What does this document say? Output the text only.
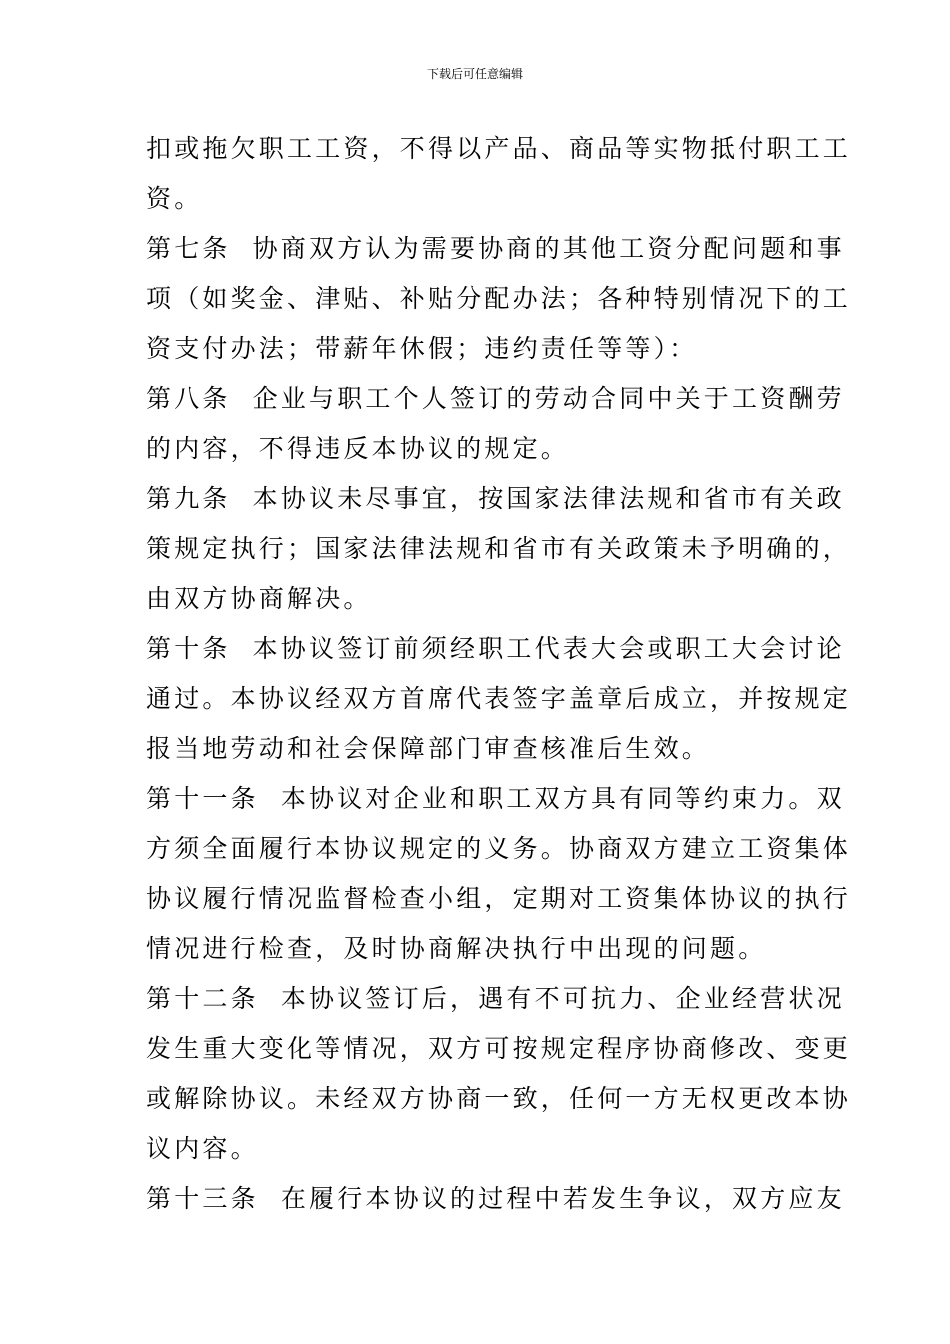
下载后可任意编辑
扣或拖欠职工工资，不得以产品、商品等实物抵付职工工
资。
第七条 协商双方认为需要协商的其他工资分配问题和事
项（如奖金、津贴、补贴分配办法；各种特别情况下的工
资支付办法；带薪年休假；违约责任等等）：
第八条 企业与职工个人签订的劳动合同中关于工资酬劳
的内容，不得违反本协议的规定。
第九条 本协议未尽事宜，按国家法律法规和省市有关政
策规定执行；国家法律法规和省市有关政策未予明确的，
由双方协商解决。
第十条 本协议签订前须经职工代表大会或职工大会讨论
通过。本协议经双方首席代表签字盖章后成立，并按规定
报当地劳动和社会保障部门审查核准后生效。
第十一条 本协议对企业和职工双方具有同等约束力。双
方须全面履行本协议规定的义务。协商双方建立工资集体
协议履行情况监督检查小组，定期对工资集体协议的执行
情况进行检查，及时协商解决执行中出现的问题。
第十二条 本协议签订后，遇有不可抗力、企业经营状况
发生重大变化等情况，双方可按规定程序协商修改、变更
或解除协议。未经双方协商一致，任何一方无权更改本协
议内容。
第十三条 在履行本协议的过程中若发生争议，双方应友
